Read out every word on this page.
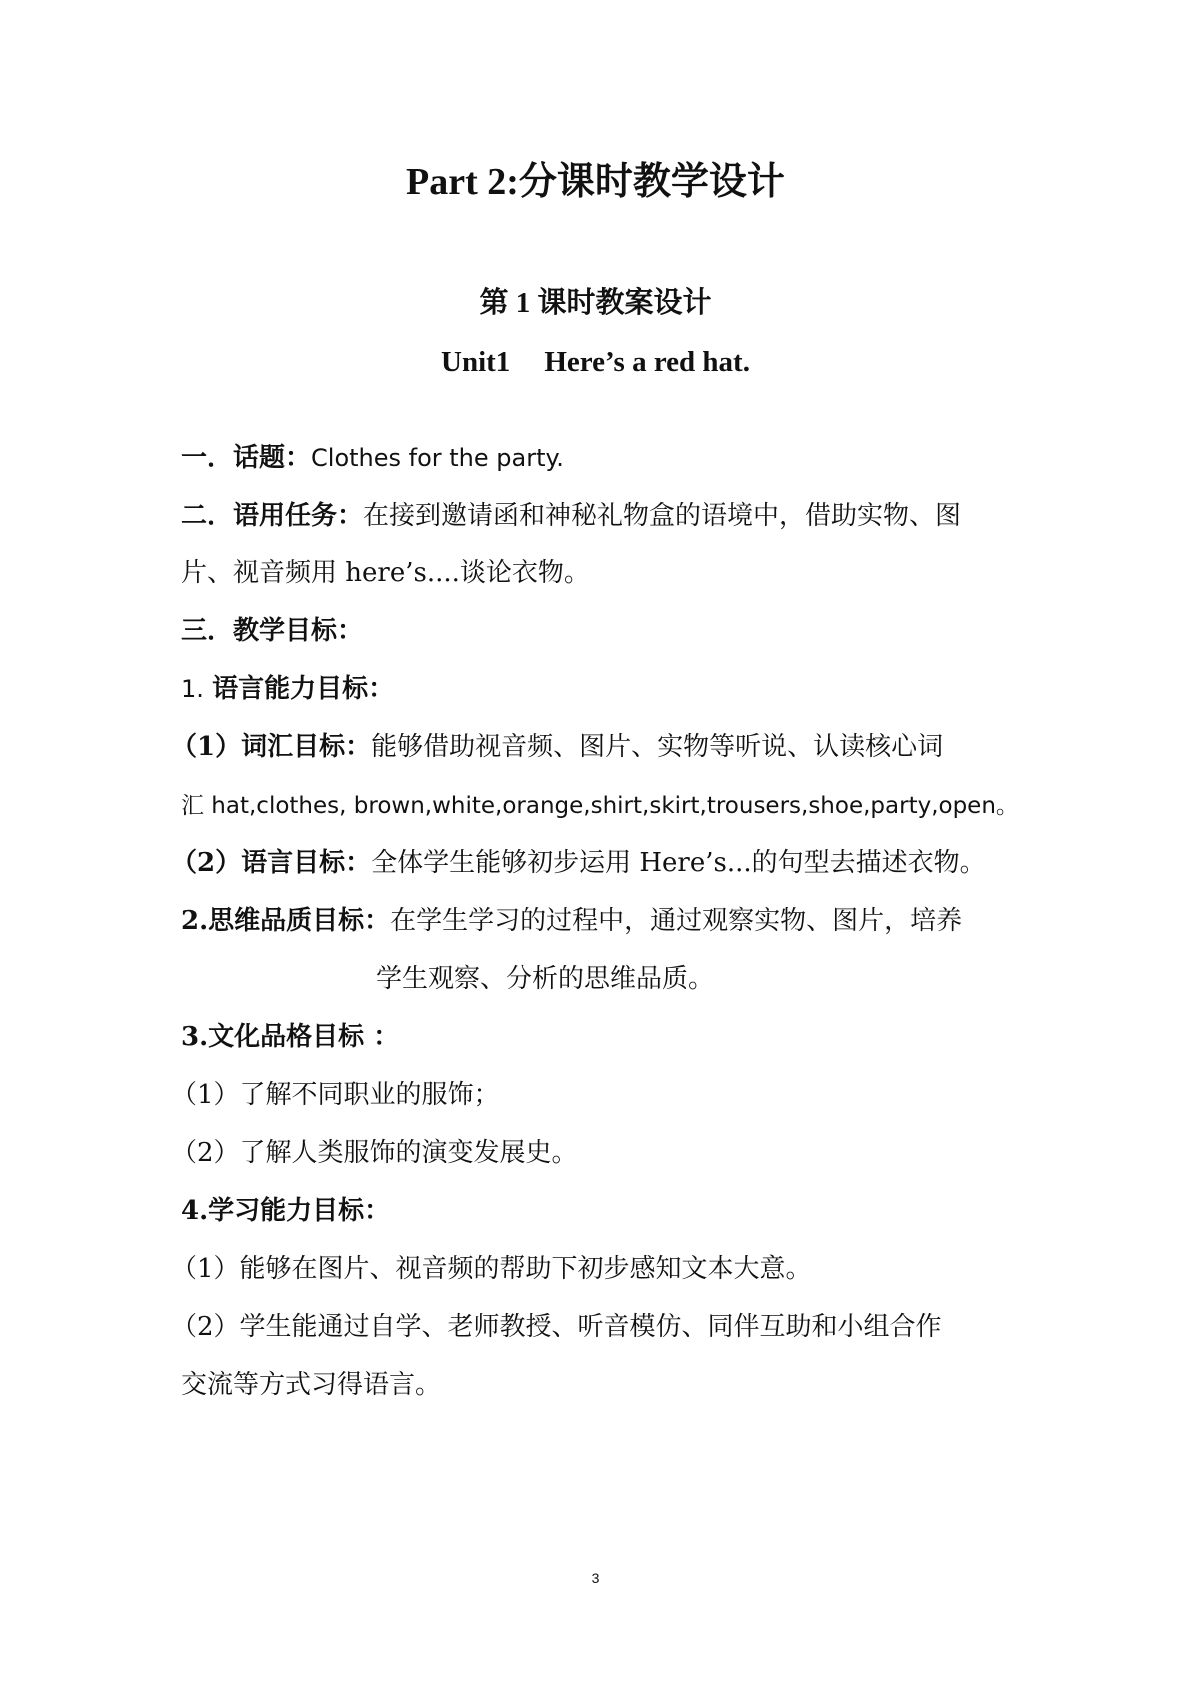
Part 2:分课时教学设计
第 1 课时教案设计
Unit1 Here’s a red hat.
一．话题：Clothes for the party.
二．语用任务：在接到邀请函和神秘礼物盒的语境中，借助实物、图
片、视音频用 here’s....谈论衣物。
三．教学目标：
1. 语言能力目标：
（1）词汇目标：能够借助视音频、图片、实物等听说、认读核心词
汇 hat,clothes, brown,white,orange,shirt,skirt,trousers,shoe,party,open。
（2）语言目标：全体学生能够初步运用 Here’s...的句型去描述衣物。
2.思维品质目标：在学生学习的过程中，通过观察实物、图片，培养
学生观察、分析的思维品质。
3.文化品格目标 ：
（1）了解不同职业的服饰；
（2）了解人类服饰的演变发展史。
4.学习能力目标：
（1）能够在图片、视音频的帮助下初步感知文本大意。
（2）学生能通过自学、老师教授、听音模仿、同伴互助和小组合作
交流等方式习得语言。
3
